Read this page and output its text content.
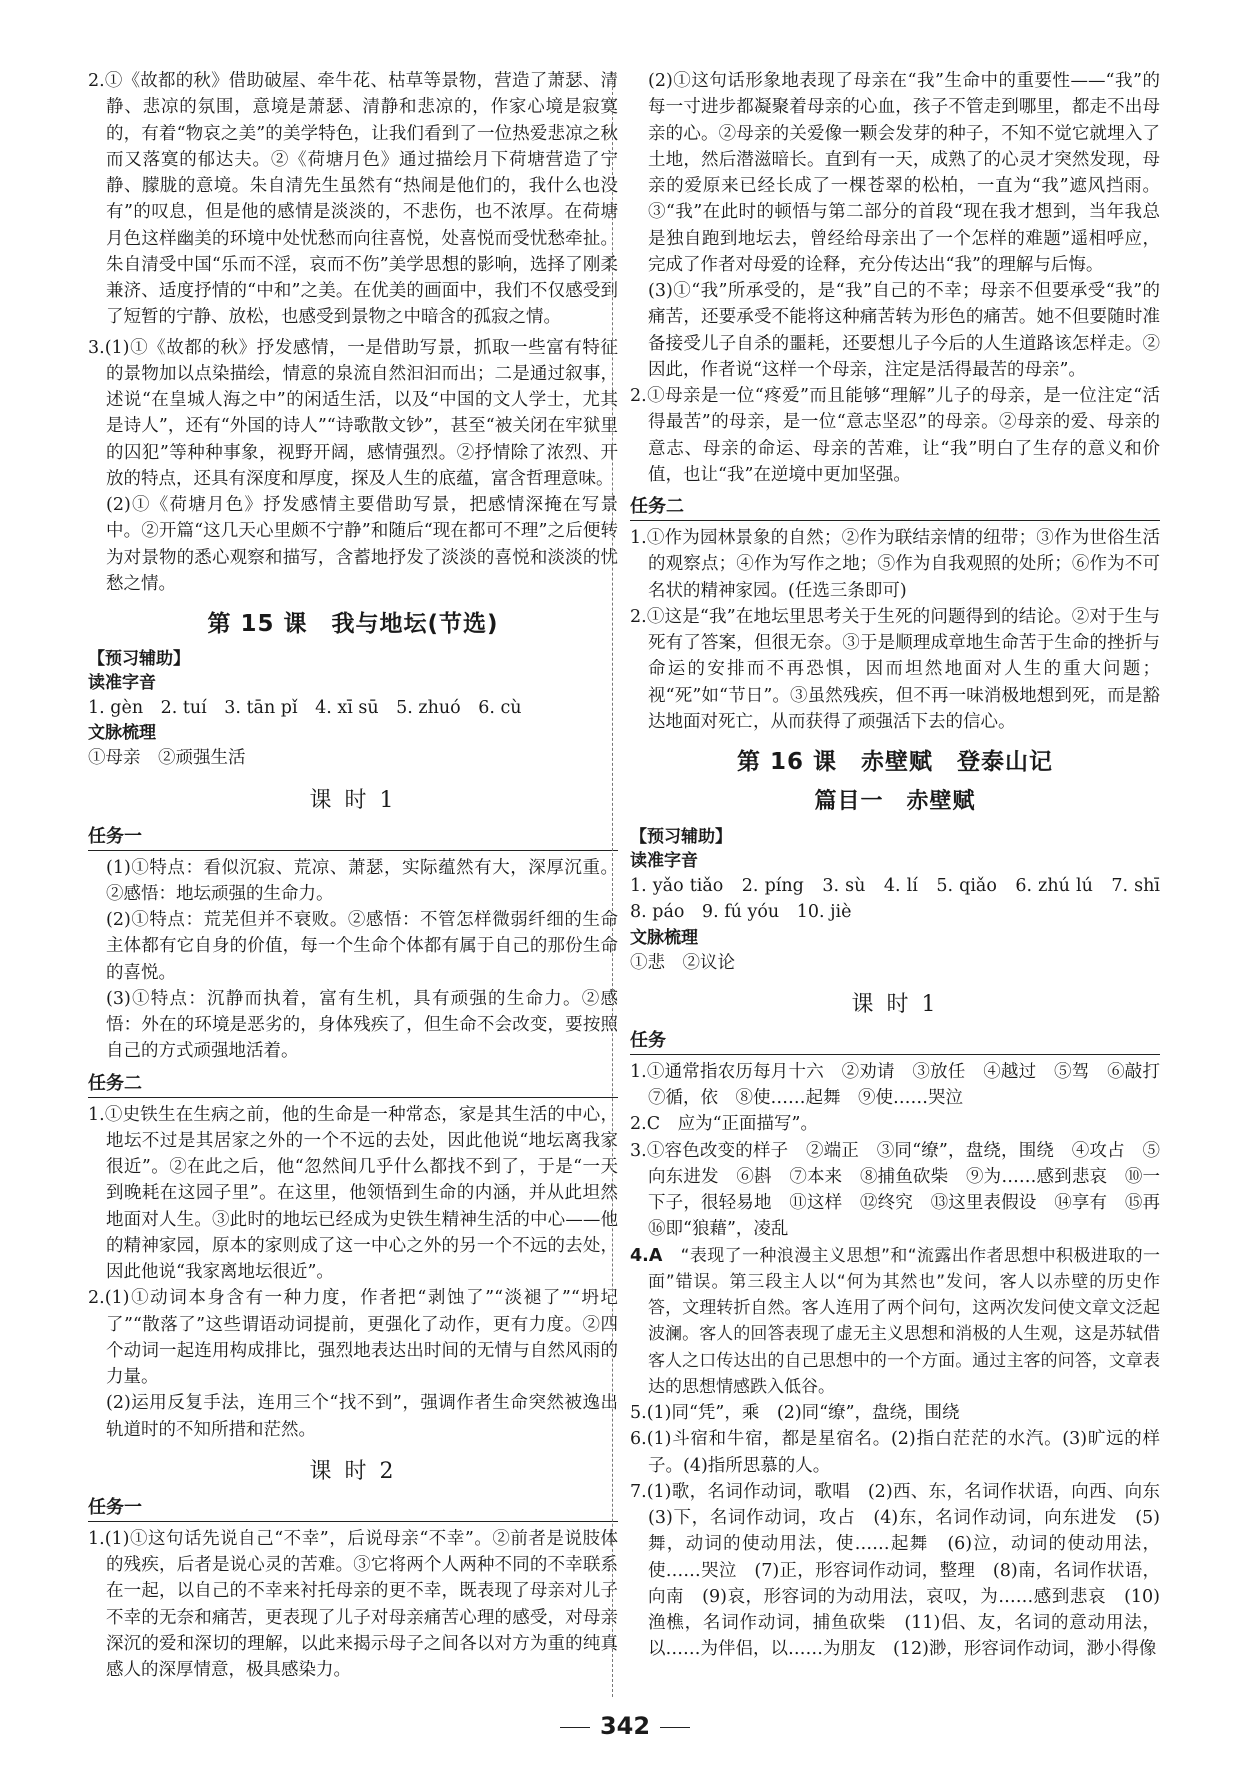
2.①《故都的秋》借助破屋、牵牛花、枯草等景物，营造了萧瑟、清静、悲凉的氛围，意境是萧瑟、清静和悲凉的，作家心境是寂寞的，有着“物哀之美”的美学特色，让我们看到了一位热爱悲凉之秋而又落寞的郁达夫。②《荷塘月色》通过描绘月下荷塘营造了宁静、朦胧的意境。朱自清先生虽然有“热闹是他们的，我什么也没有”的叹息，但是他的感情是淡淡的，不悲伤，也不浓厚。在荷塘月色这样幽美的环境中处忧愁而向往喜悦，处喜悦而受忧愁牵扯。朱自清受中国“乐而不淫，哀而不伤”美学思想的影响，选择了刚柔兼济、适度抒情的“中和”之美。在优美的画面中，我们不仅感受到了短暂的宁静、放松，也感受到景物之中暗含的孤寂之情。

3.(1)①《故都的秋》抒发感情，一是借助写景，抓取一些富有特征的景物加以点染描绘，情意的泉流自然汩汩而出；二是通过叙事，述说“在皇城人海之中”的闲适生活，以及“中国的文人学士，尤其是诗人”，还有“外国的诗人”“诗歌散文钞”，甚至“被关闭在牢狱里的囚犯”等种种事象，视野开阔，感情强烈。②抒情除了浓烈、开放的特点，还具有深度和厚度，探及人生的底蕴，富含哲理意味。

(2)①《荷塘月色》抒发感情主要借助写景，把感情深掩在写景中。②开篇“这几天心里颇不宁静”和随后“现在都可不理”之后便转为对景物的悉心观察和描写，含蓄地抒发了淡淡的喜悦和淡淡的忧愁之情。

第 15 课　我与地坛(节选)
【预习辅助】
读准字音
1. gèn　2. tuí　3. tān pǐ　4. xī sū　5. zhuó　6. cù
文脉梳理
①母亲　②顽强生活
课 时 1
任务一

(1)①特点：看似沉寂、荒凉、萧瑟，实际蕴然有大，深厚沉重。②感悟：地坛顽强的生命力。

(2)①特点：荒芜但并不衰败。②感悟：不管怎样微弱纤细的生命主体都有它自身的价值，每一个生命个体都有属于自己的那份生命的喜悦。

(3)①特点：沉静而执着，富有生机，具有顽强的生命力。②感悟：外在的环境是恶劣的，身体残疾了，但生命不会改变，要按照自己的方式顽强地活着。

任务二

1.①史铁生在生病之前，他的生命是一种常态，家是其生活的中心，地坛不过是其居家之外的一个不远的去处，因此他说“地坛离我家很近”。②在此之后，他“忽然间几乎什么都找不到了，于是“一天到晚耗在这园子里”。在这里，他领悟到生命的内涵，并从此坦然地面对人生。③此时的地坛已经成为史铁生精神生活的中心——他的精神家园，原本的家则成了这一中心之外的另一个不远的去处，因此他说“我家离地坛很近”。

2.(1)①动词本身含有一种力度，作者把“剥蚀了”“淡褪了”“坍圮了”“散落了”这些谓语动词提前，更强化了动作，更有力度。②四个动词一起连用构成排比，强烈地表达出时间的无情与自然风雨的力量。

(2)运用反复手法，连用三个“找不到”，强调作者生命突然被逸出轨道时的不知所措和茫然。

课 时 2
任务一

1.(1)①这句话先说自己“不幸”，后说母亲“不幸”。②前者是说肢体的残疾，后者是说心灵的苦难。③它将两个人两种不同的不幸联系在一起，以自己的不幸来衬托母亲的更不幸，既表现了母亲对儿子不幸的无奈和痛苦，更表现了儿子对母亲痛苦心理的感受，对母亲深沉的爱和深切的理解，以此来揭示母子之间各以对方为重的纯真感人的深厚情意，极具感染力。

(2)①这句话形象地表现了母亲在“我”生命中的重要性——“我”的每一寸进步都凝聚着母亲的心血，孩子不管走到哪里，都走不出母亲的心。②母亲的关爱像一颗会发芽的种子，不知不觉它就埋入了土地，然后潜滋暗长。直到有一天，成熟了的心灵才突然发现，母亲的爱原来已经长成了一棵苍翠的松柏，一直为“我”遮风挡雨。③“我”在此时的顿悟与第二部分的首段“现在我才想到，当年我总是独自跑到地坛去，曾经给母亲出了一个怎样的难题”遥相呼应，完成了作者对母爱的诠释，充分传达出“我”的理解与后悔。

(3)①“我”所承受的，是“我”自己的不幸；母亲不但要承受“我”的痛苦，还要承受不能将这种痛苦转为形色的痛苦。她不但要随时准备接受儿子自杀的噩耗，还要想儿子今后的人生道路该怎样走。②因此，作者说“这样一个母亲，注定是活得最苦的母亲”。

2.①母亲是一位“疼爱”而且能够“理解”儿子的母亲，是一位注定“活得最苦”的母亲，是一位“意志坚忍”的母亲。②母亲的爱、母亲的意志、母亲的命运、母亲的苦难，让“我”明白了生存的意义和价值，也让“我”在逆境中更加坚强。

任务二

1.①作为园林景象的自然；②作为联结亲情的纽带；③作为世俗生活的观察点；④作为写作之地；⑤作为自我观照的处所；⑥作为不可名状的精神家园。(任选三条即可)

2.①这是“我”在地坛里思考关于生死的问题得到的结论。②对于生与死有了答案，但很无奈。③于是顺理成章地生命苦于生命的挫折与命运的安排而不再恐惧，因而坦然地面对人生的重大问题；视“死”如“节日”。③虽然残疾，但不再一味消极地想到死，而是豁达地面对死亡，从而获得了顽强活下去的信心。

第 16 课　赤壁赋　登泰山记
篇目一　赤壁赋
【预习辅助】
读准字音
1. yǎo tiǎo　2. píng　3. sù　4. lí　5. qiǎo　6. zhú lú　7. shī　8. páo　9. fú yóu　10. jiè
文脉梳理
①悲　②议论
课 时 1
任务

1.①通常指农历每月十六　②劝请　③放任　④越过　⑤驾　⑥敲打　⑦循，依　⑧使……起舞　⑨使……哭泣

2.C　应为“正面描写”。

3.①容色改变的样子　②端正　③同“缭”，盘绕，围绕　④攻占　⑤向东进发　⑥斟　⑦本来　⑧捕鱼砍柴　⑨为……感到悲哀　⑩一下子，很轻易地　⑪这样　⑫终究　⑬这里表假设　⑭享有　⑮再　⑯即“狼藉”，凌乱

4.A　 “表现了一种浪漫主义思想”和“流露出作者思想中积极进取的一面”错误。第三段主人以“何为其然也”发问，客人以赤壁的历史作答，文理转折自然。客人连用了两个问句，这两次发问使文章文泛起波澜。客人的回答表现了虚无主义思想和消极的人生观，这是苏轼借客人之口传达出的自己思想中的一个方面。通过主客的问答，文章表达的思想情感跌入低谷。

5.(1)同“凭”，乘　(2)同“缭”，盘绕，围绕

6.(1)斗宿和牛宿，都是星宿名。(2)指白茫茫的水汽。(3)旷远的样子。(4)指所思慕的人。

7.(1)歌，名词作动词，歌唱　(2)西、东，名词作状语，向西、向东　(3)下，名词作动词，攻占　(4)东，名词作动词，向东进发　(5)舞，动词的使动用法，使……起舞　(6)泣，动词的使动用法，使……哭泣　(7)正，形容词作动词，整理　(8)南，名词作状语，向南　(9)哀，形容词的为动用法，哀叹，为……感到悲哀　(10)渔樵，名词作动词，捕鱼砍柴　(11)侣、友，名词的意动用法，以……为伴侣，以……为朋友　(12)渺，形容词作动词，渺小得像

342
